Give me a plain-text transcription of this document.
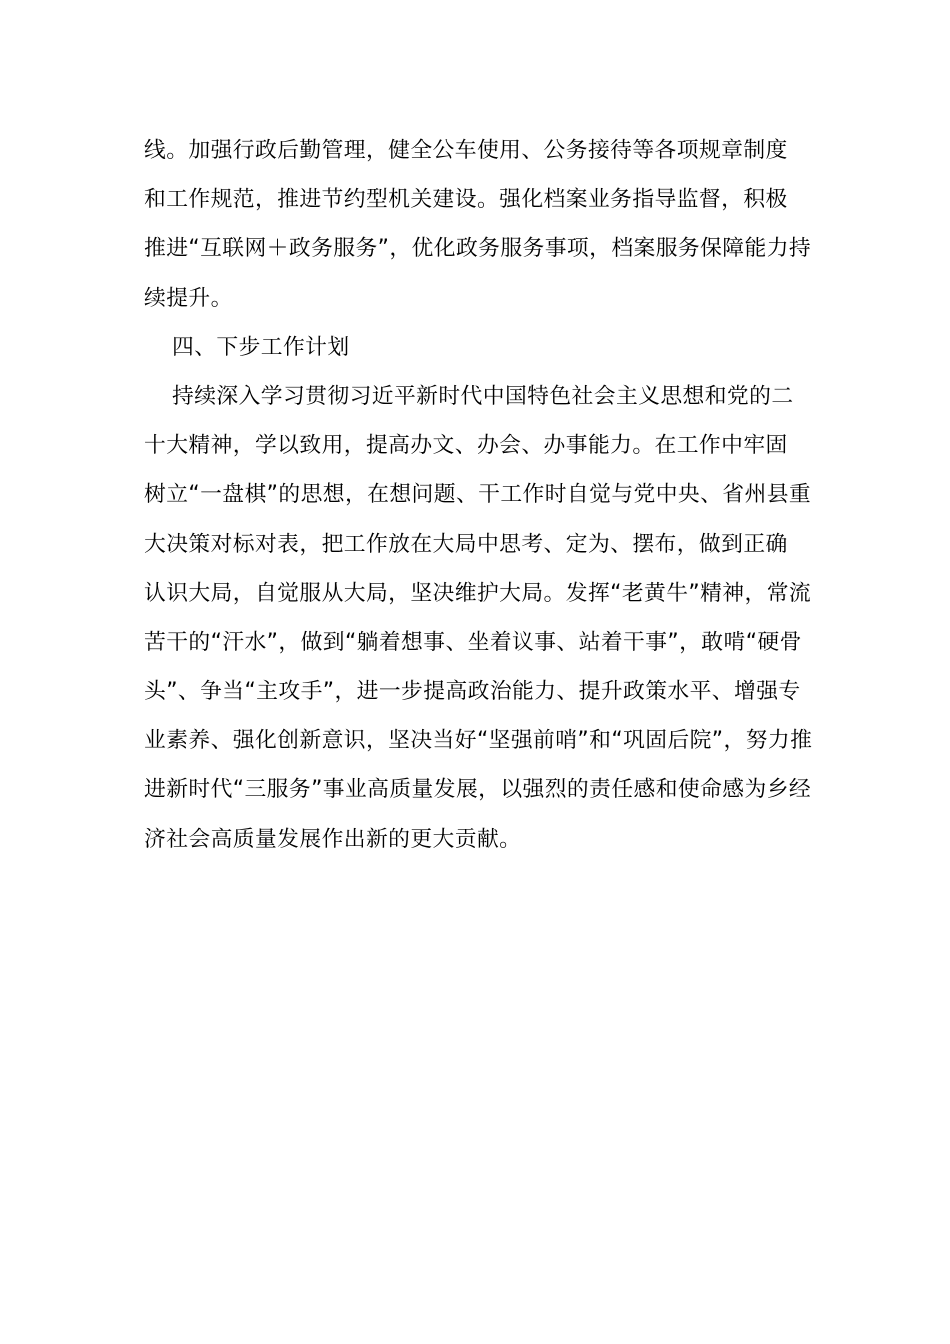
线。加强行政后勤管理，健全公车使用、公务接待等各项规章制度
和工作规范，推进节约型机关建设。强化档案业务指导监督，积极
推进“互联网＋政务服务”，优化政务服务事项，档案服务保障能力持
续提升。
四、下步工作计划
持续深入学习贯彻习近平新时代中国特色社会主义思想和党的二
十大精神，学以致用，提高办文、办会、办事能力。在工作中牢固
树立“一盘棋”的思想，在想问题、干工作时自觉与党中央、省州县重
大决策对标对表，把工作放在大局中思考、定为、摆布，做到正确
认识大局，自觉服从大局，坚决维护大局。发挥“老黄牛”精神，常流
苦干的“汗水”，做到“躺着想事、坐着议事、站着干事”，敢啃“硬骨
头”、争当“主攻手”，进一步提高政治能力、提升政策水平、增强专
业素养、强化创新意识，坚决当好“坚强前哨”和“巩固后院”，努力推
进新时代“三服务”事业高质量发展，以强烈的责任感和使命感为乡经
济社会高质量发展作出新的更大贡献。
